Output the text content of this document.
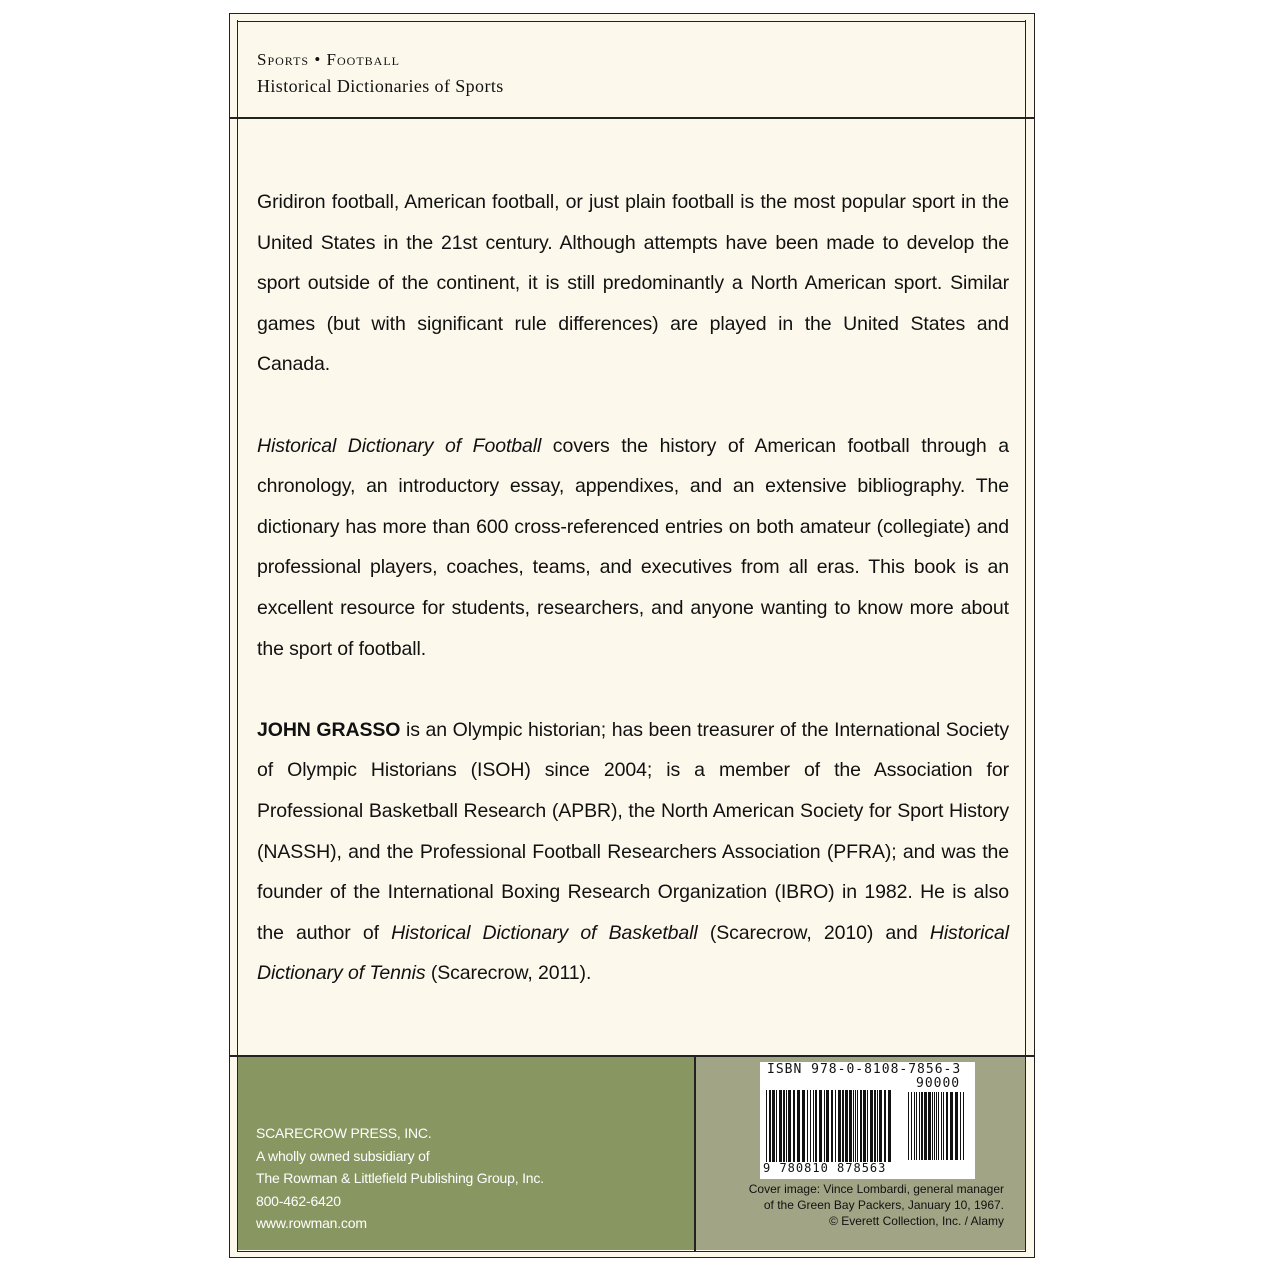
Sports • Football
Historical Dictionaries of Sports

Gridiron football, American football, or just plain football is the most popular sport in the United States in the 21st century. Although attempts have been made to develop the sport outside of the continent, it is still predominantly a North American sport. Similar games (but with significant rule differences) are played in the United States and Canada.

Historical Dictionary of Football covers the history of American football through a chronology, an introductory essay, appendixes, and an extensive bibliography. The dictionary has more than 600 cross-referenced entries on both amateur (collegiate) and professional players, coaches, teams, and executives from all eras. This book is an excellent resource for students, researchers, and anyone wanting to know more about the sport of football.

JOHN GRASSO is an Olympic historian; has been treasurer of the International Society of Olympic Historians (ISOH) since 2004; is a member of the Association for Professional Basketball Research (APBR), the North American Society for Sport History (NASSH), and the Professional Football Researchers Association (PFRA); and was the founder of the International Boxing Research Organization (IBRO) in 1982. He is also the author of Historical Dictionary of Basketball (Scarecrow, 2010) and Historical Dictionary of Tennis (Scarecrow, 2011).

SCARECROW PRESS, INC.
A wholly owned subsidiary of
The Rowman & Littlefield Publishing Group, Inc.
800-462-6420
www.rowman.com
ISBN 978-0-8108-7856-3
90000
9 780810 878563
Cover image: Vince Lombardi, general manager
of the Green Bay Packers, January 10, 1967.
© Everett Collection, Inc. / Alamy
